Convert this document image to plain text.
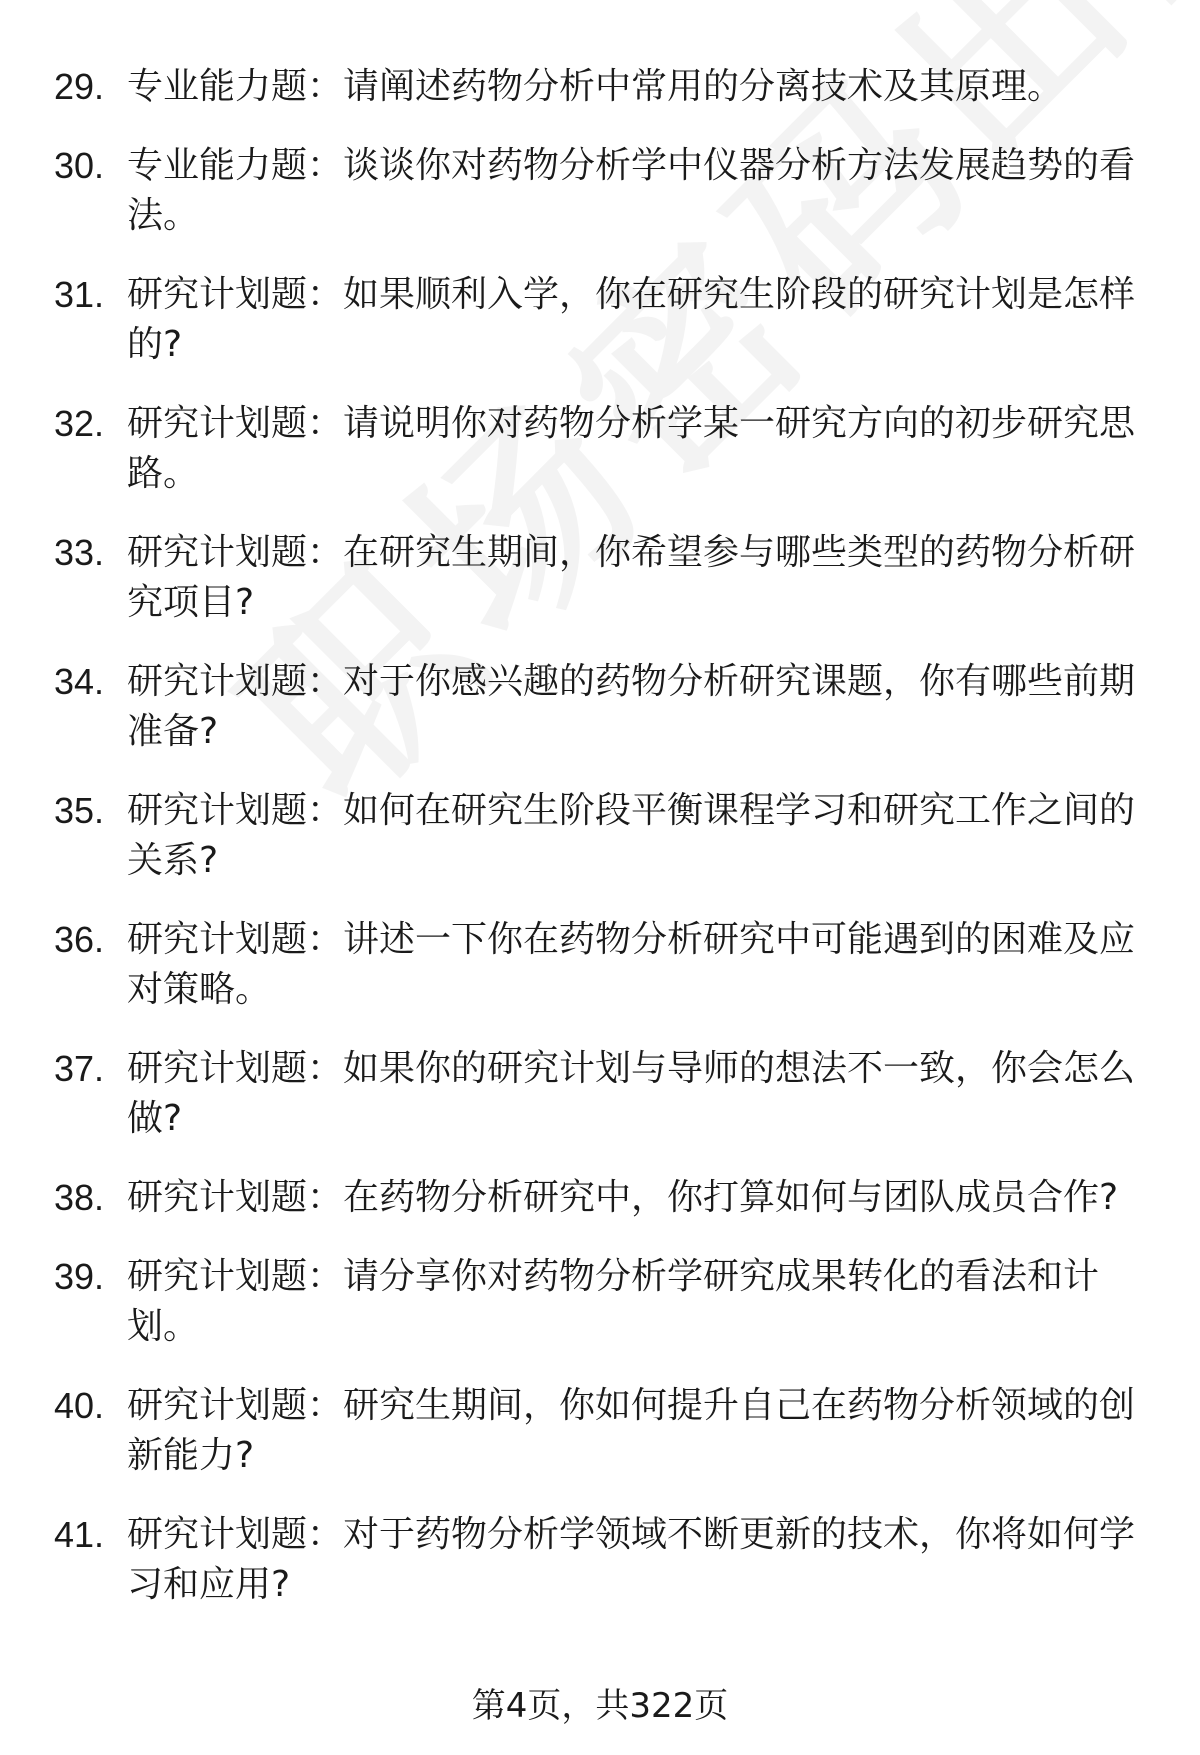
29. 专业能力题：请阐述药物分析中常用的分离技术及其原理。
30. 专业能力题：谈谈你对药物分析学中仪器分析方法发展趋势的看法。
31. 研究计划题：如果顺利入学，你在研究生阶段的研究计划是怎样的?
32. 研究计划题：请说明你对药物分析学某一研究方向的初步研究思路。
33. 研究计划题：在研究生期间，你希望参与哪些类型的药物分析研究项目?
34. 研究计划题：对于你感兴趣的药物分析研究课题，你有哪些前期准备?
35. 研究计划题：如何在研究生阶段平衡课程学习和研究工作之间的关系?
36. 研究计划题：讲述一下你在药物分析研究中可能遇到的困难及应对策略。
37. 研究计划题：如果你的研究计划与导师的想法不一致，你会怎么做?
38. 研究计划题：在药物分析研究中，你打算如何与团队成员合作?
39. 研究计划题：请分享你对药物分析学研究成果转化的看法和计划。
40. 研究计划题：研究生期间，你如何提升自己在药物分析领域的创新能力?
41. 研究计划题：对于药物分析学领域不断更新的技术，你将如何学习和应用?
第4页，共322页
